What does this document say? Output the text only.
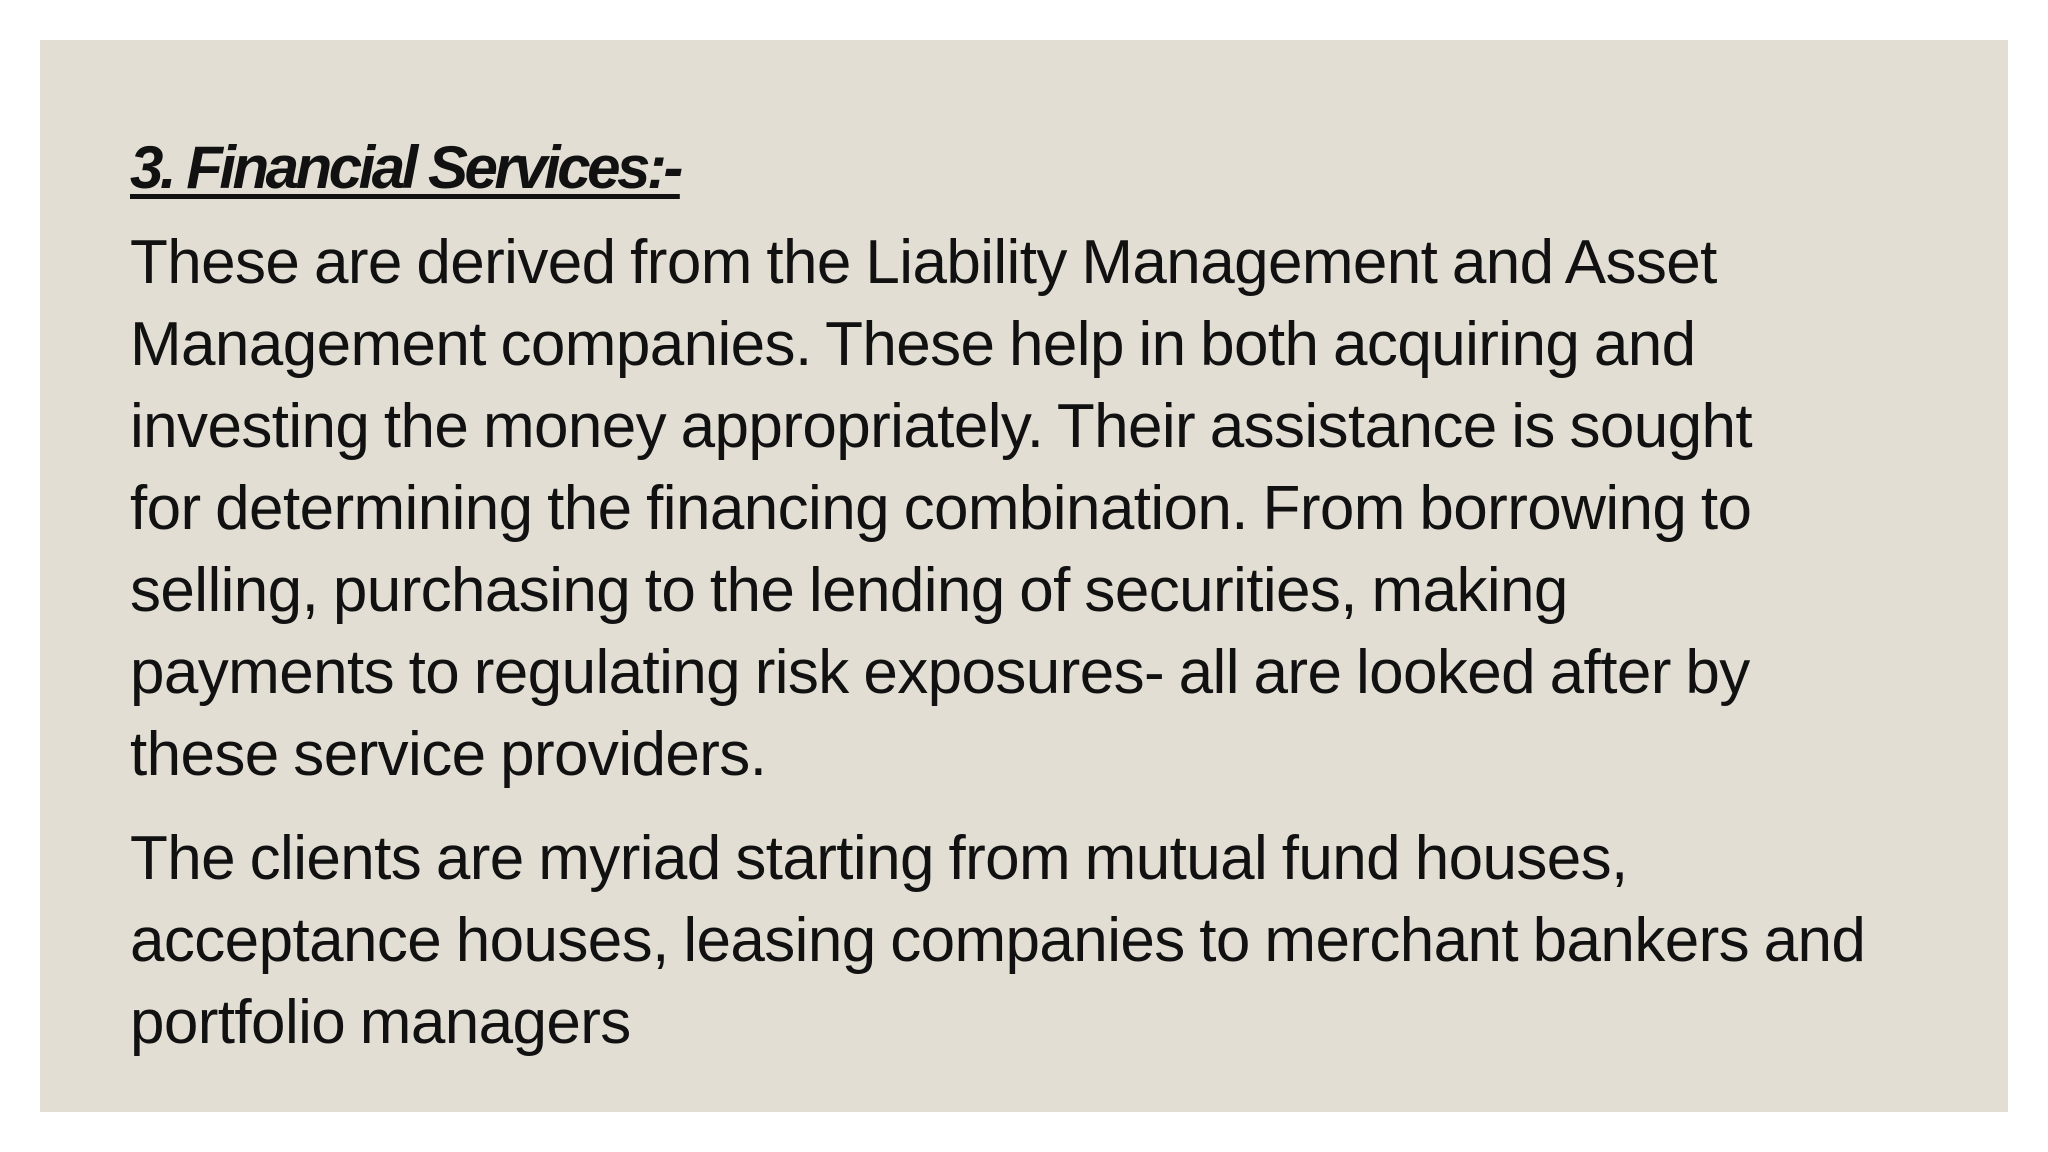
3. Financial Services:-

These are derived from the Liability Management and Asset
Management companies. These help in both acquiring and
investing the money appropriately. Their assistance is sought
for determining the financing combination. From borrowing to
selling, purchasing to the lending of securities, making
payments to regulating risk exposures- all are looked after by
these service providers.

The clients are myriad starting from mutual fund houses,
acceptance houses, leasing companies to merchant bankers and
portfolio managers
